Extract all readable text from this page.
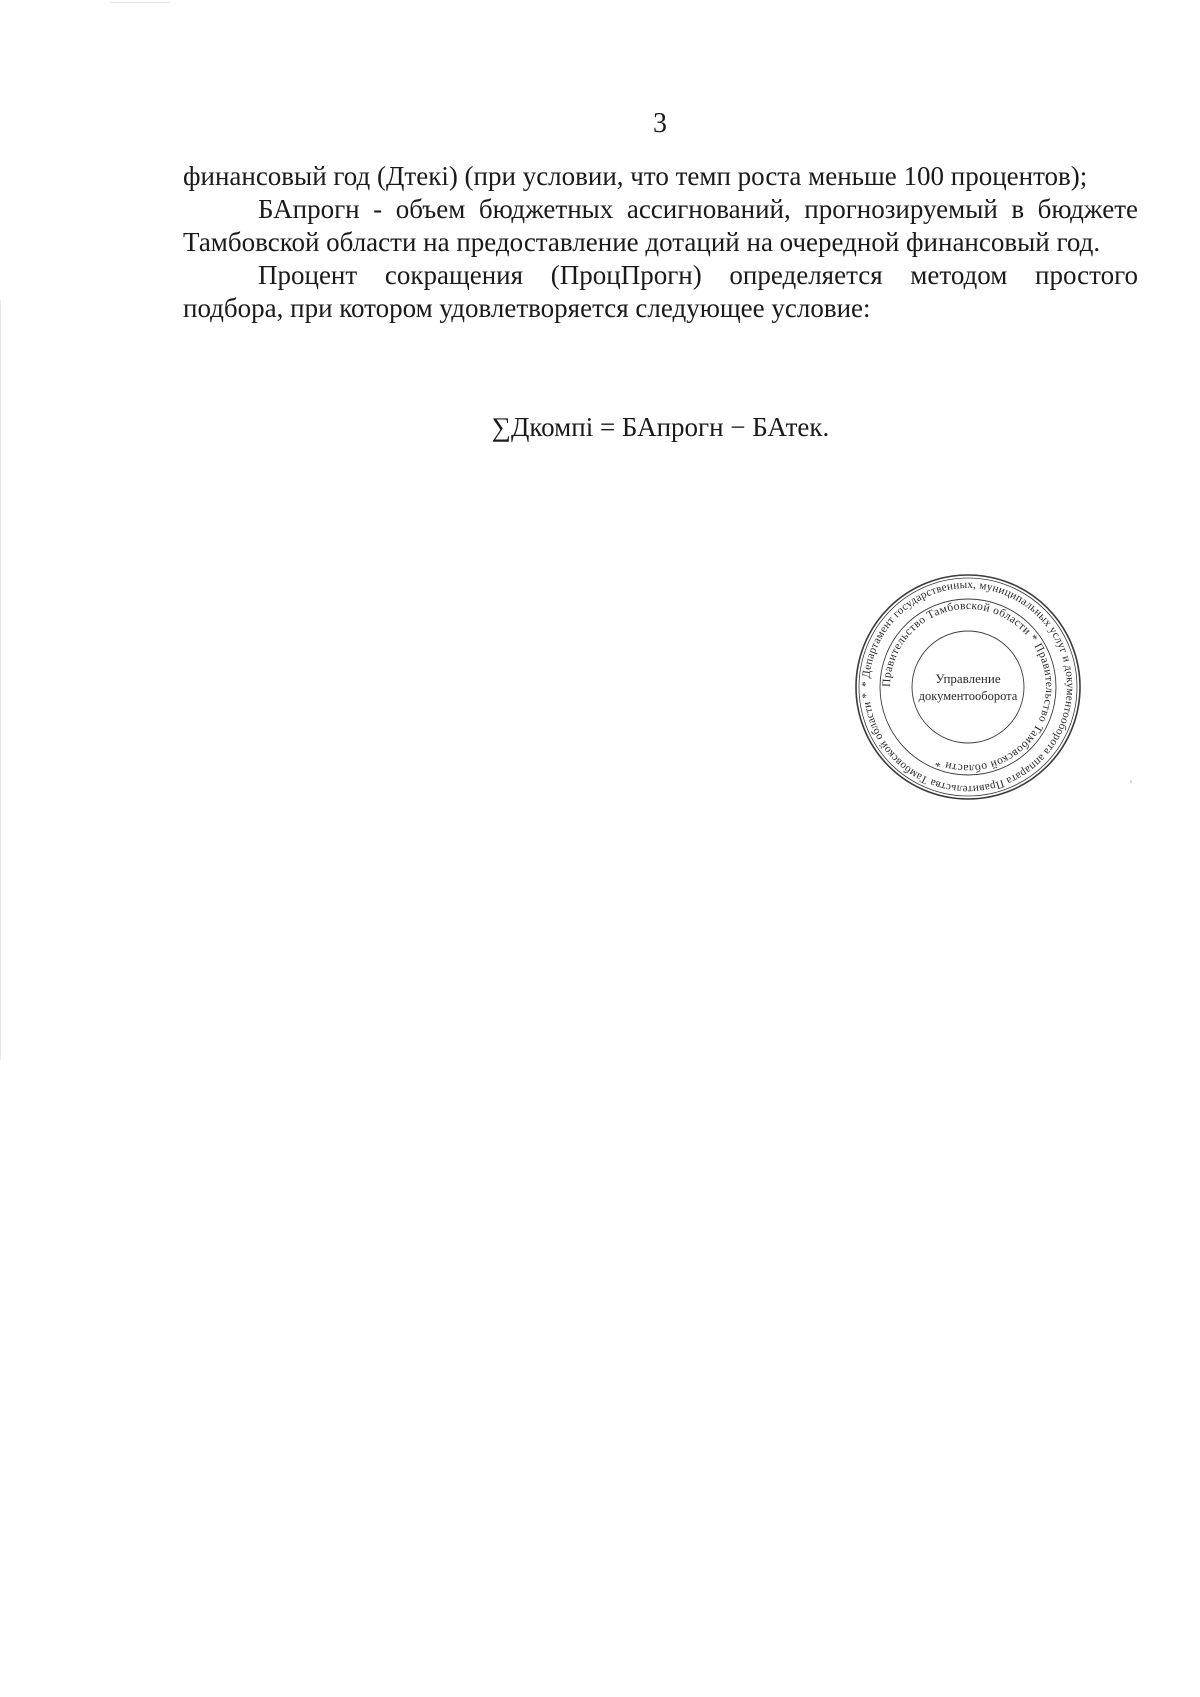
3

финансовый год (Дтекі) (при условии, что темп роста меньше 100 процентов);

БАпрогн - объем бюджетных ассигнований, прогнозируемый в бюджете Тамбовской области на предоставление дотаций на очередной финансовый год.

Процент сокращения (ПроцПрогн) определяется методом простого подбора, при котором удовлетворяется следующее условие:

∑Дкомпі = БАпрогн − БАтек.
* Департамент государственных, муниципальных услуг и документооборота аппарата Правительства Тамбовской области *
Правительство Тамбовской области * Правительство Тамбовской области *
Управление
документооборота
